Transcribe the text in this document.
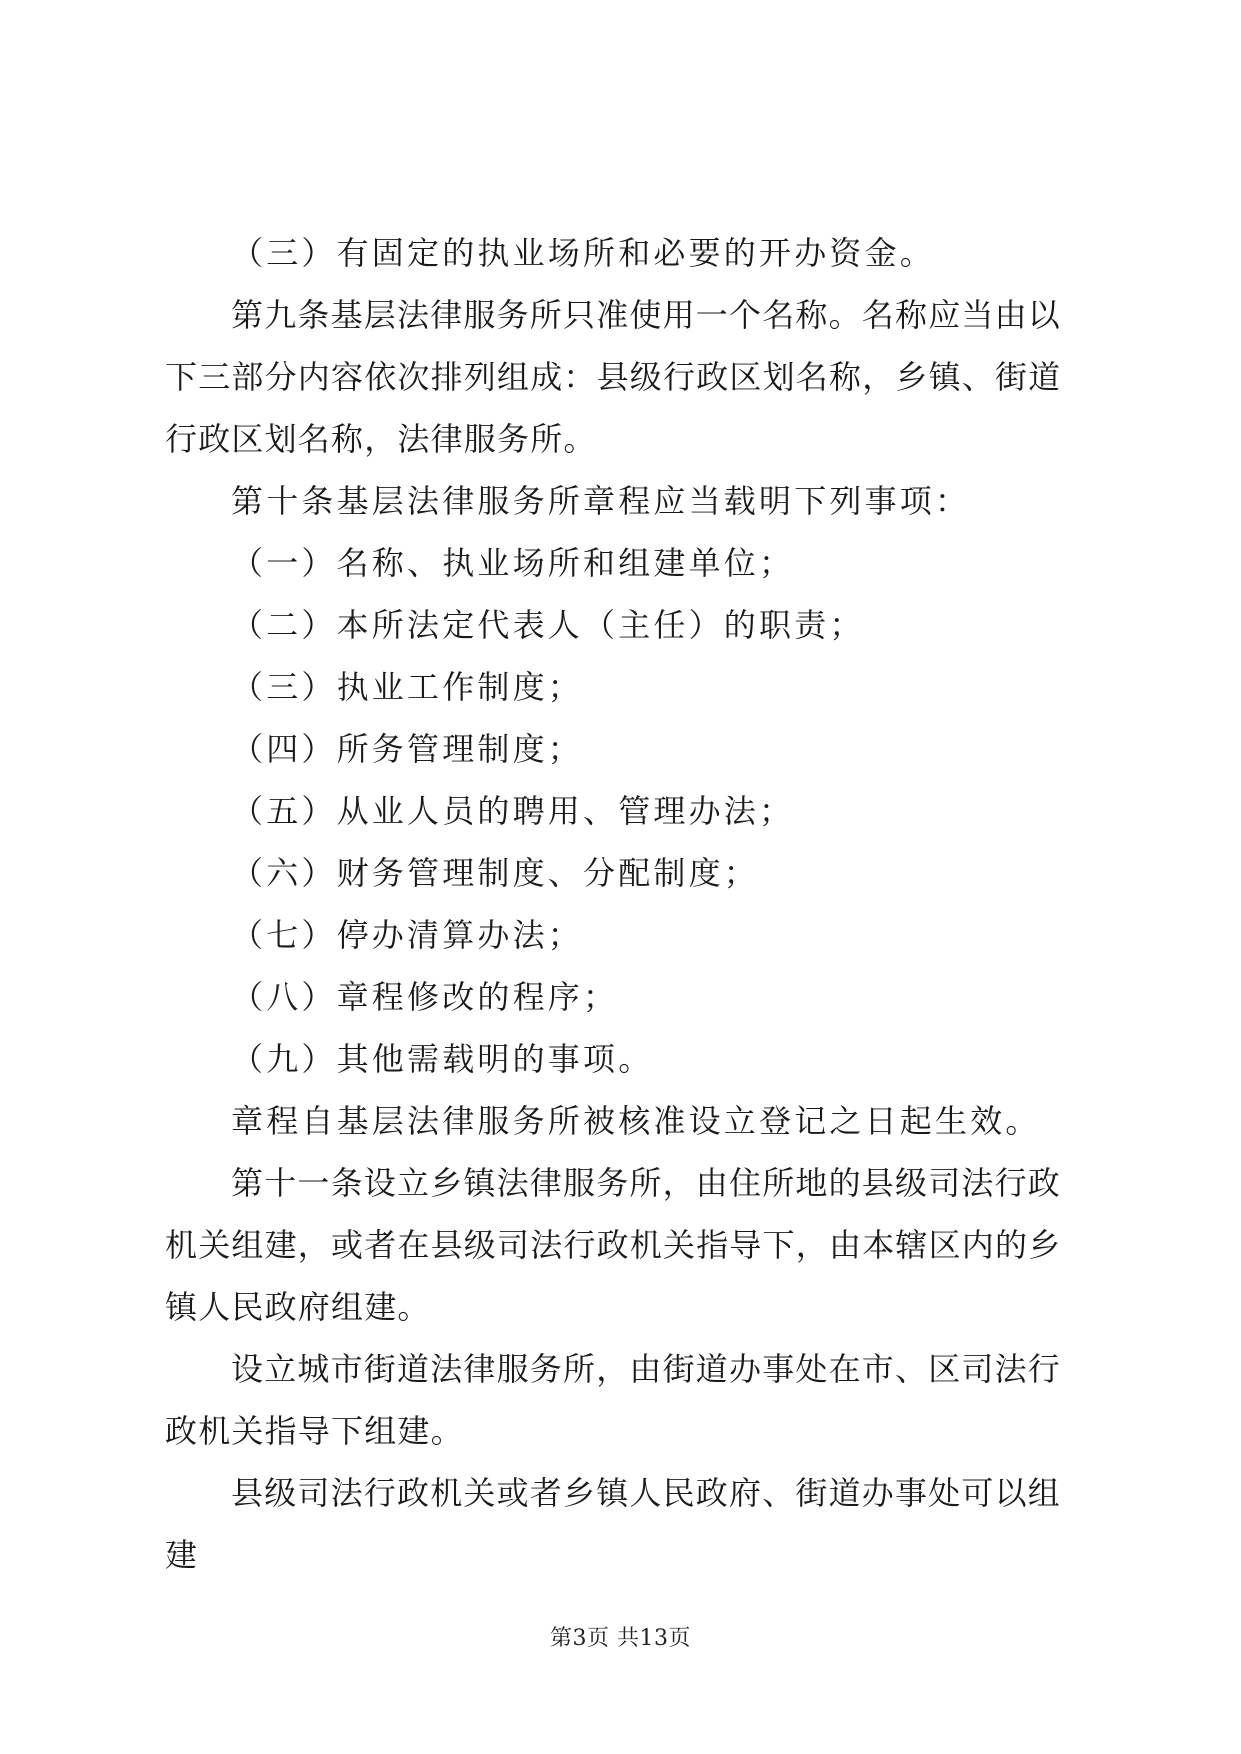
（三）有固定的执业场所和必要的开办资金。

第九条基层法律服务所只准使用一个名称。名称应当由以下三部分内容依次排列组成：县级行政区划名称，乡镇、街道行政区划名称，法律服务所。

第十条基层法律服务所章程应当载明下列事项：

（一）名称、执业场所和组建单位；

（二）本所法定代表人（主任）的职责；

（三）执业工作制度；

（四）所务管理制度；

（五）从业人员的聘用、管理办法；

（六）财务管理制度、分配制度；

（七）停办清算办法；

（八）章程修改的程序；

（九）其他需载明的事项。

章程自基层法律服务所被核准设立登记之日起生效。

第十一条设立乡镇法律服务所，由住所地的县级司法行政机关组建，或者在县级司法行政机关指导下，由本辖区内的乡镇人民政府组建。

设立城市街道法律服务所，由街道办事处在市、区司法行政机关指导下组建。

县级司法行政机关或者乡镇人民政府、街道办事处可以组建

第3页 共13页
